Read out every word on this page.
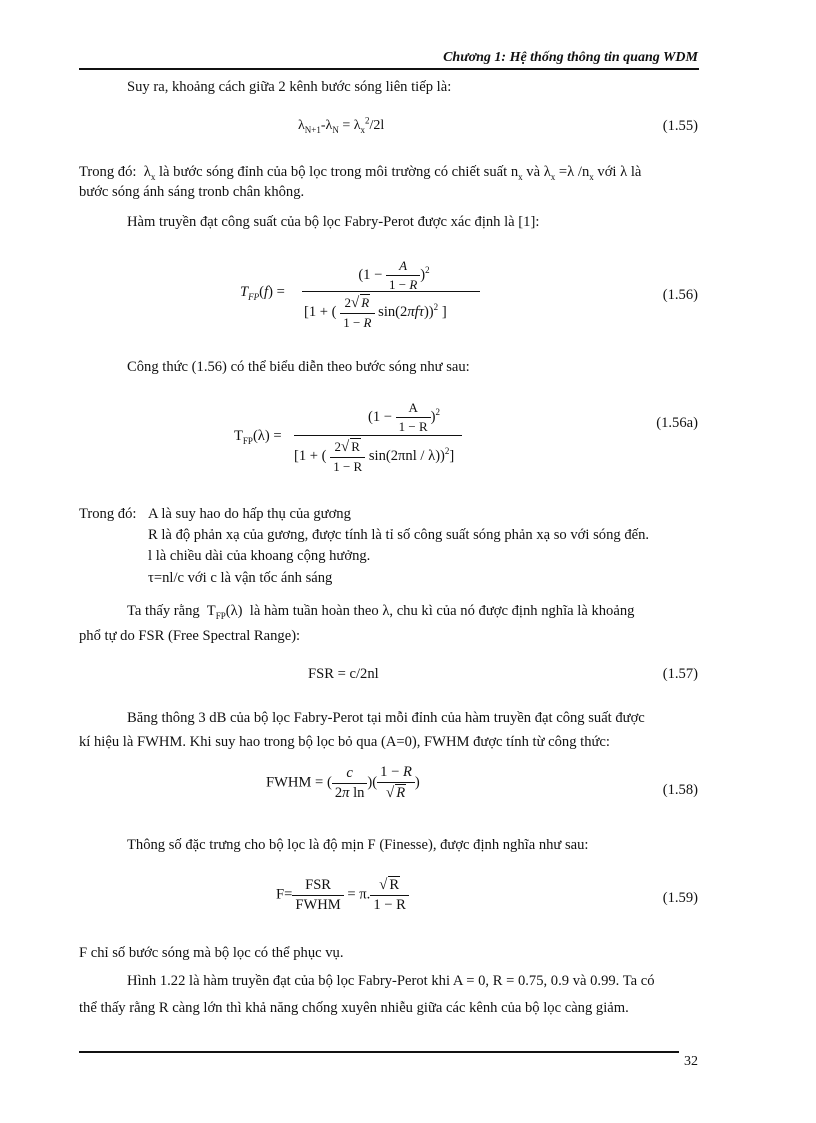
Chương 1: Hệ thống thông tin quang WDM
Suy ra, khoảng cách giữa 2 kênh bước sóng liên tiếp là:
$\lambda_{N+1}-\lambda_N = \lambda_x^2/2l$	(1.55)
Trong đó:  $\lambda_x$ là bước sóng đỉnh của bộ lọc trong môi trường có chiết suất $n_x$ và $\lambda_x =\lambda$ $/n_x$ với λ là
bước sóng ánh sáng tronb chân không.
Hàm truyền đạt công suất của bộ lọc Fabry-Perot được xác định là [1]:
$T_{FP}(f)$ =
$(1 - \frac{A}{1 - R} )^2$
[1 + ( $\frac{2√ R}{1 - R} \sin(2\pi f\tau))^2$ ]
(1.56)
Công thức (1.56) có thể biểu diễn theo bước sóng như sau:
$T_{FP}(\lambda)$ =
$(1 - \frac{A}{1 - R} )^2$
[1 + ( $\frac{2√ R}{1 - R} \sin(2\pi nl / \lambda))^2$]
(1.56a)
Trong đó: A là suy hao do hấp thụ của gương
R là độ phản xạ của gương, được tính là tỉ số công suất sóng phản xạ so với sóng đến.
l là chiều dài của khoang cộng hưởng.
τ=nl/c với c là vận tốc ánh sáng
Ta thấy rằng  $T_{FP}(\lambda)$  là hàm tuần hoàn theo λ, chu kì của nó được định nghĩa là khoảng
phổ tự do FSR (Free Spectral Range):
FSR = c/2nl	(1.57)
Băng thông 3 dB của bộ lọc Fabry-Perot tại mỗi đỉnh của hàm truyền đạt công suất được
kí hiệu là FWHM. Khi suy hao trong bộ lọc bỏ qua (A=0), FWHM được tính từ công thức:
FWHM = ( $\frac{c}{\text{2π ln}}$ )( $\frac{1 - R}{√ R}$ )	(1.58)
Thông số đặc trưng cho bộ lọc là độ mịn F (Finesse), được định nghĩa như sau:
$F= \frac{\text{FSR}}{\text{FWHM}} = \pi$. $\frac{√ R}{1 - R}$	(1.59)
F chỉ số bước sóng mà bộ lọc có thể phục vụ.
Hình 1.22 là hàm truyền đạt của bộ lọc Fabry-Perot khi A = 0, R = 0.75, 0.9 và 0.99. Ta có
thể thấy rằng R càng lớn thì khả năng chống xuyên nhiễu giữa các kênh của bộ lọc càng giảm.
32
